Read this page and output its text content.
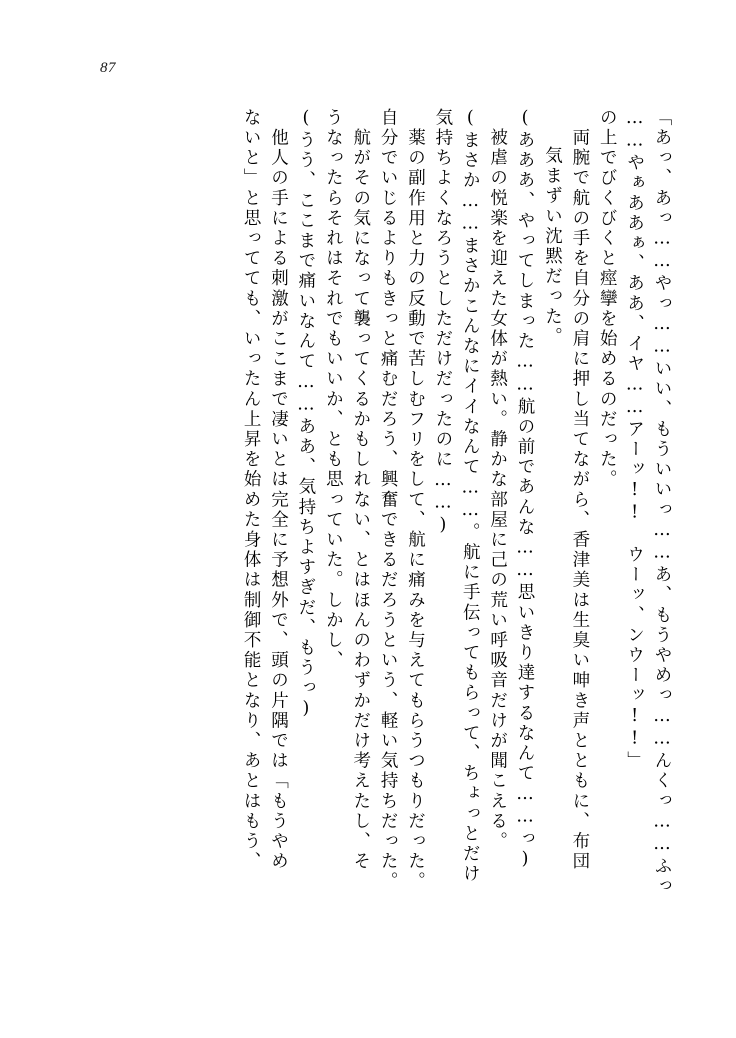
87
「あっ、あっ……やっ……いい、もういいっ……あ、もうやめっ……んくっ……ふっ
……やぁああぁ、ああ、イヤ……アーッ!!　ウーッ、ンウーッ!!」
の上でびくびくと痙攣を始めるのだった。
　両腕で航の手を自分の肩に押し当てながら、香津美は生臭い呻き声とともに、布団
　気まずい沈黙だった。
(あああ、やってしまった……航の前であんな……思いきり達するなんて……っ)
　被虐の悦楽を迎えた女体が熱い。静かな部屋に己の荒い呼吸音だけが聞こえる。
(まさか……まさかこんなにイイなんて……。航に手伝ってもらって、ちょっとだけ
気持ちよくなろうとしただけだったのに……)
　薬の副作用と力の反動で苦しむフリをして、航に痛みを与えてもらうつもりだった。
自分でいじるよりもきっと痛むだろう、興奮できるだろうという、軽い気持ちだった。
　航がその気になって襲ってくるかもしれない、とはほんのわずかだけ考えたし、そ
うなったらそれはそれでもいいか、とも思っていた。しかし、
(うう、ここまで痛いなんて……ああ、気持ちよすぎだ、もうっ)
　他人の手による刺激がここまで凄いとは完全に予想外で、頭の片隅では「もうやめ
ないと」と思ってても、いったん上昇を始めた身体は制御不能となり、あとはもう、
